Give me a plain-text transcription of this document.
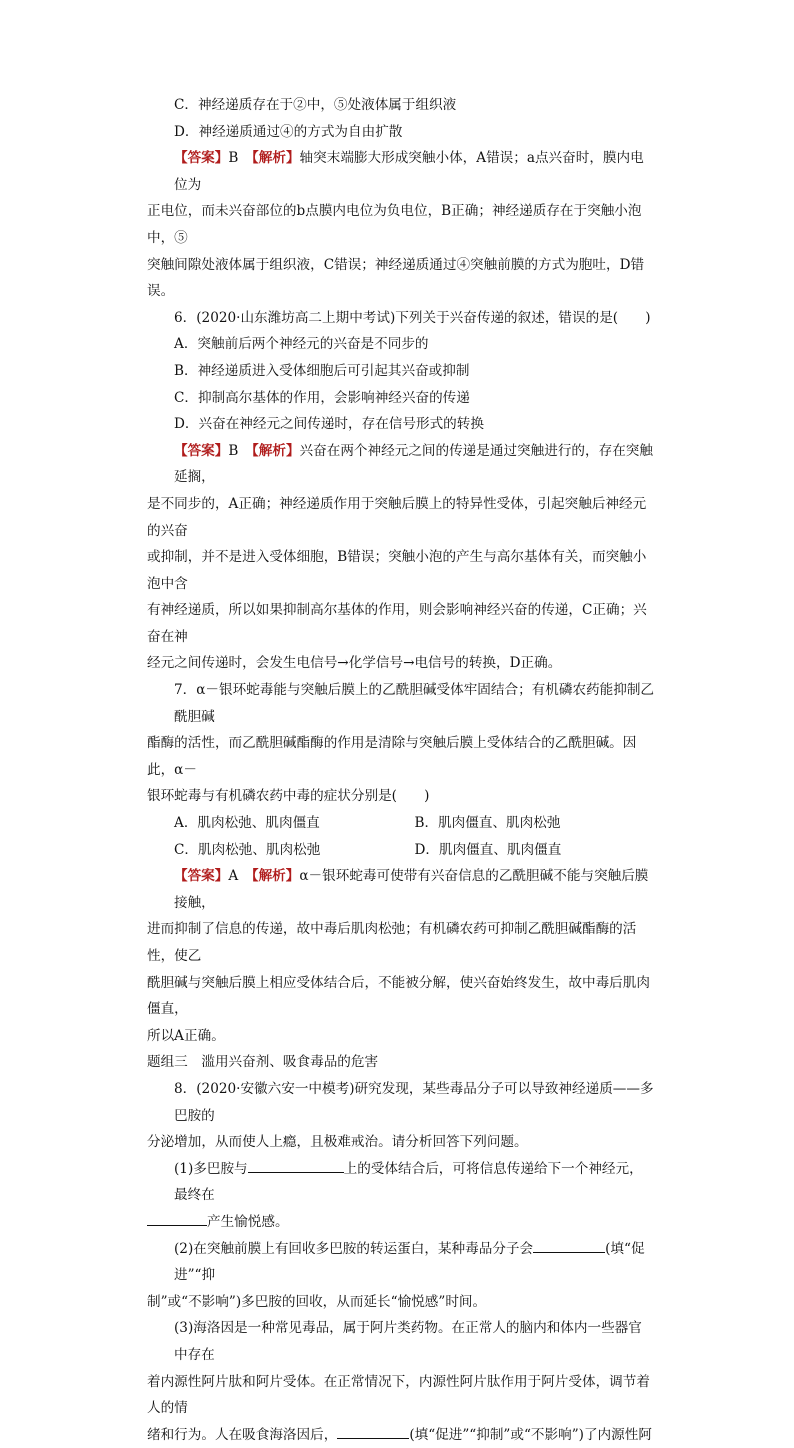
C．神经递质存在于②中，⑤处液体属于组织液

D．神经递质通过④的方式为自由扩散

【答案】B　 【解析】轴突末端膨大形成突触小体，A错误；a点兴奋时，膜内电位为

正电位，而未兴奋部位的b点膜内电位为负电位，B正确；神经递质存在于突触小泡中，⑤

突触间隙处液体属于组织液，C错误；神经递质通过④突触前膜的方式为胞吐，D错误。

6．(2020·山东潍坊高二上期中考试)下列关于兴奋传递的叙述，错误的是(　　)

A．突触前后两个神经元的兴奋是不同步的

B．神经递质进入受体细胞后可引起其兴奋或抑制

C．抑制高尔基体的作用，会影响神经兴奋的传递

D．兴奋在神经元之间传递时，存在信号形式的转换

【答案】B　 【解析】兴奋在两个神经元之间的传递是通过突触进行的，存在突触延搁，

是不同步的，A正确；神经递质作用于突触后膜上的特异性受体，引起突触后神经元的兴奋

或抑制，并不是进入受体细胞，B错误；突触小泡的产生与高尔基体有关，而突触小泡中含

有神经递质，所以如果抑制高尔基体的作用，则会影响神经兴奋的传递，C正确；兴奋在神

经元之间传递时，会发生电信号→化学信号→电信号的转换，D正确。

7．α－银环蛇毒能与突触后膜上的乙酰胆碱受体牢固结合；有机磷农药能抑制乙酰胆碱

酯酶的活性，而乙酰胆碱酯酶的作用是清除与突触后膜上受体结合的乙酰胆碱。因此，α－

银环蛇毒与有机磷农药中毒的症状分别是(　　)

A．肌肉松弛、肌肉僵直	B．肌肉僵直、肌肉松弛
C．肌肉松弛、肌肉松弛	D．肌肉僵直、肌肉僵直

【答案】A　 【解析】α－银环蛇毒可使带有兴奋信息的乙酰胆碱不能与突触后膜接触，

进而抑制了信息的传递，故中毒后肌肉松弛；有机磷农药可抑制乙酰胆碱酯酶的活性，使乙

酰胆碱与突触后膜上相应受体结合后，不能被分解，使兴奋始终发生，故中毒后肌肉僵直，

所以A正确。

题组三　滥用兴奋剂、吸食毒品的危害

8．(2020·安徽六安一中模考)研究发现，某些毒品分子可以导致神经递质——多巴胺的

分泌增加，从而使人上瘾，且极难戒治。请分析回答下列问题。

(1)多巴胺与	上的受体结合后，可将信息传递给下一个神经元，最终在

产生愉悦感。

(2)在突触前膜上有回收多巴胺的转运蛋白，某种毒品分子会	(填“促进”“抑

制”或“不影响”)多巴胺的回收，从而延长“愉悦感”时间。

(3)海洛因是一种常见毒品，属于阿片类药物。在正常人的脑内和体内一些器官中存在

着内源性阿片肽和阿片受体。在正常情况下，内源性阿片肽作用于阿片受体，调节着人的情

绪和行为。人在吸食海洛因后，	(填“促进”“抑制”或“不影响”)了内源性阿
